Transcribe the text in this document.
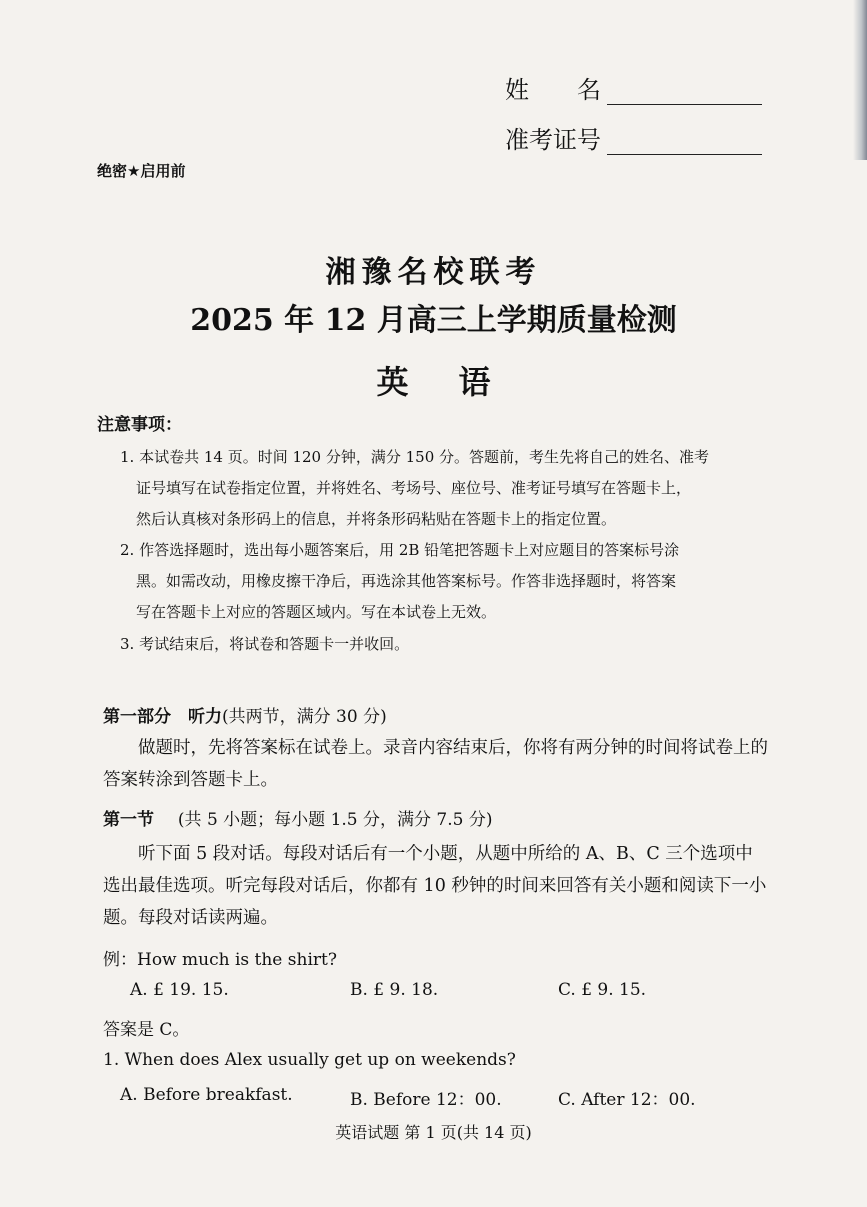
姓　　名
准考证号
绝密★启用前
湘豫名校联考
2025 年 12 月高三上学期质量检测
英语
注意事项：
1. 本试卷共 14 页。时间 120 分钟，满分 150 分。答题前，考生先将自己的姓名、准考
证号填写在试卷指定位置，并将姓名、考场号、座位号、准考证号填写在答题卡上，
然后认真核对条形码上的信息，并将条形码粘贴在答题卡上的指定位置。
2. 作答选择题时，选出每小题答案后，用 2B 铅笔把答题卡上对应题目的答案标号涂
黑。如需改动，用橡皮擦干净后，再选涂其他答案标号。作答非选择题时，将答案
写在答题卡上对应的答题区域内。写在本试卷上无效。
3. 考试结束后，将试卷和答题卡一并收回。
第一部分　听力(共两节，满分 30 分)
做题时，先将答案标在试卷上。录音内容结束后，你将有两分钟的时间将试卷上的答案转涂到答题卡上。
第一节 (共 5 小题；每小题 1.5 分，满分 7.5 分)
听下面 5 段对话。每段对话后有一个小题，从题中所给的 A、B、C 三个选项中选出最佳选项。听完每段对话后，你都有 10 秒钟的时间来回答有关小题和阅读下一小题。每段对话读两遍。
例：How much is the shirt?
A. £ 19. 15.	B. £ 9. 18.	C. £ 9. 15.
答案是 C。
1. When does Alex usually get up on weekends?
A. Before breakfast.	B. Before 12：00.	C. After 12：00.
英语试题 第 1 页(共 14 页)
